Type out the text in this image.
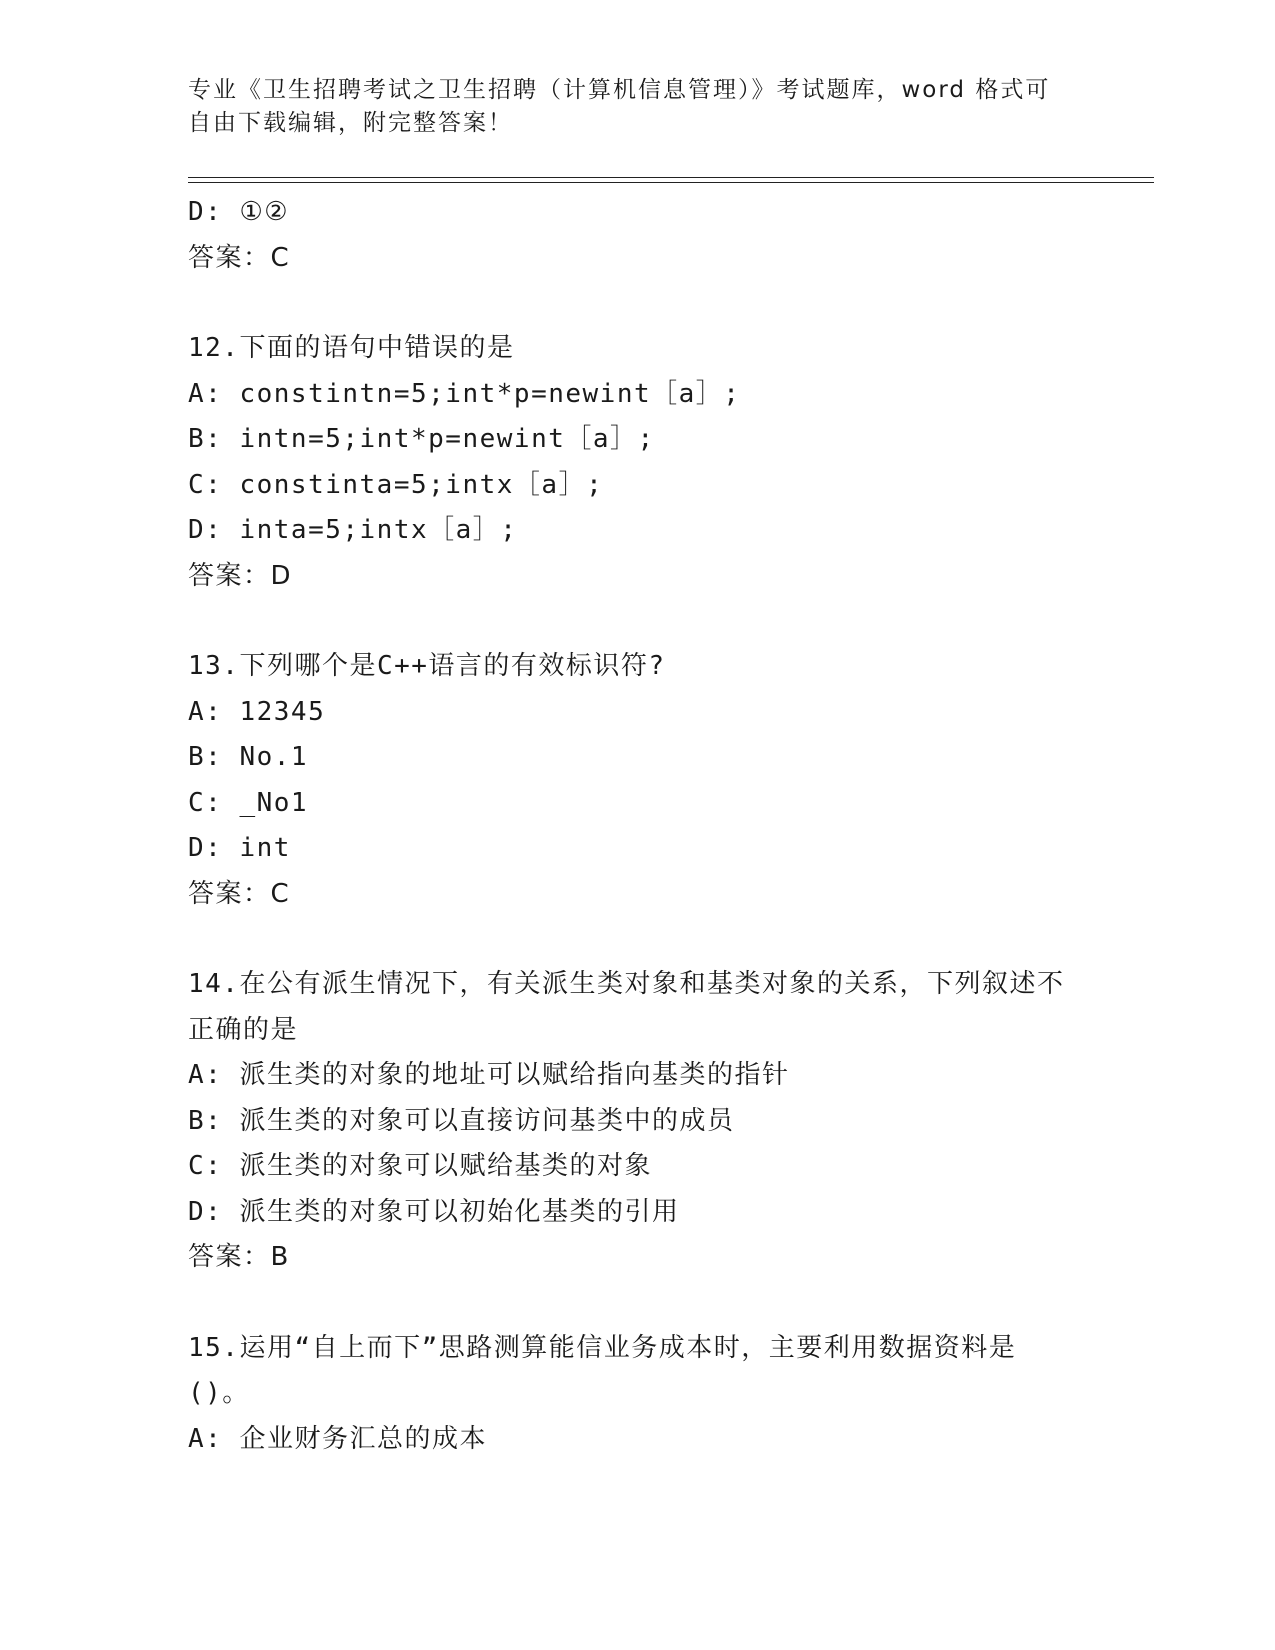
专业《卫生招聘考试之卫生招聘（计算机信息管理）》考试题库，word 格式可自由下载编辑，附完整答案！
D: ①②
答案：C
12.下面的语句中错误的是
A: constintn=5;int*p=newint［a］;
B: intn=5;int*p=newint［a］;
C: constinta=5;intx［a］;
D: inta=5;intx［a］;
答案：D
13.下列哪个是C++语言的有效标识符?
A: 12345
B: No.1
C: _No1
D: int
答案：C
14.在公有派生情况下，有关派生类对象和基类对象的关系，下列叙述不正确的是
A: 派生类的对象的地址可以赋给指向基类的指针
B: 派生类的对象可以直接访问基类中的成员
C: 派生类的对象可以赋给基类的对象
D: 派生类的对象可以初始化基类的引用
答案：B
15.运用“自上而下”思路测算能信业务成本时，主要利用数据资料是()。
A: 企业财务汇总的成本
